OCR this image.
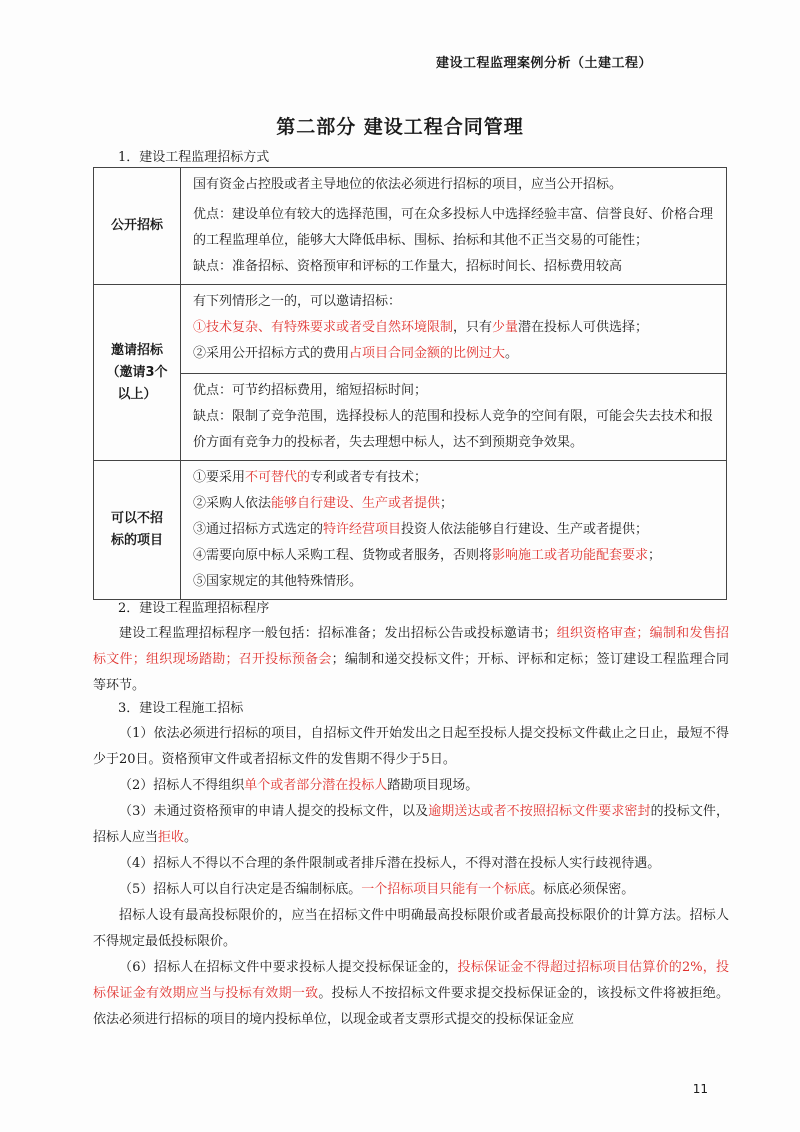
建设工程监理案例分析（土建工程）
第二部分 建设工程合同管理
1．建设工程监理招标方式
公开招标	国有资金占控股或者主导地位的依法必须进行招标的项目，应当公开招标。

优点：建设单位有较大的选择范围，可在众多投标人中选择经验丰富、信誉良好、价格合理的工程监理单位，能够大大降低串标、围标、抬标和其他不正当交易的可能性；

缺点：准备招标、资格预审和评标的工作量大，招标时间长、招标费用较高

邀请招标（邀请3个以上）	有下列情形之一的，可以邀请招标：

①技术复杂、有特殊要求或者受自然环境限制，只有少量潜在投标人可供选择；

②采用公开招标方式的费用占项目合同金额的比例过大。

优点：可节约招标费用，缩短招标时间；

缺点：限制了竞争范围，选择投标人的范围和投标人竞争的空间有限，可能会失去技术和报价方面有竞争力的投标者，失去理想中标人，达不到预期竞争效果。

可以不招标的项目	①要采用不可替代的专利或者专有技术；

②采购人依法能够自行建设、生产或者提供；

③通过招标方式选定的特许经营项目投资人依法能够自行建设、生产或者提供；

④需要向原中标人采购工程、货物或者服务，否则将影响施工或者功能配套要求；

⑤国家规定的其他特殊情形。

2．建设工程监理招标程序

建设工程监理招标程序一般包括：招标准备；发出招标公告或投标邀请书；组织资格审查；编制和发售招标文件；组织现场踏勘；召开投标预备会；编制和递交投标文件；开标、评标和定标；签订建设工程监理合同等环节。

3．建设工程施工招标

（1）依法必须进行招标的项目，自招标文件开始发出之日起至投标人提交投标文件截止之日止，最短不得少于20日。资格预审文件或者招标文件的发售期不得少于5日。

（2）招标人不得组织单个或者部分潜在投标人踏勘项目现场。

（3）未通过资格预审的申请人提交的投标文件，以及逾期送达或者不按照招标文件要求密封的投标文件，招标人应当拒收。

（4）招标人不得以不合理的条件限制或者排斥潜在投标人，不得对潜在投标人实行歧视待遇。

（5）招标人可以自行决定是否编制标底。一个招标项目只能有一个标底。标底必须保密。

招标人设有最高投标限价的，应当在招标文件中明确最高投标限价或者最高投标限价的计算方法。招标人不得规定最低投标限价。

（6）招标人在招标文件中要求投标人提交投标保证金的，投标保证金不得超过招标项目估算价的2%，投标保证金有效期应当与投标有效期一致。投标人不按招标文件要求提交投标保证金的，该投标文件将被拒绝。依法必须进行招标的项目的境内投标单位，以现金或者支票形式提交的投标保证金应

11
